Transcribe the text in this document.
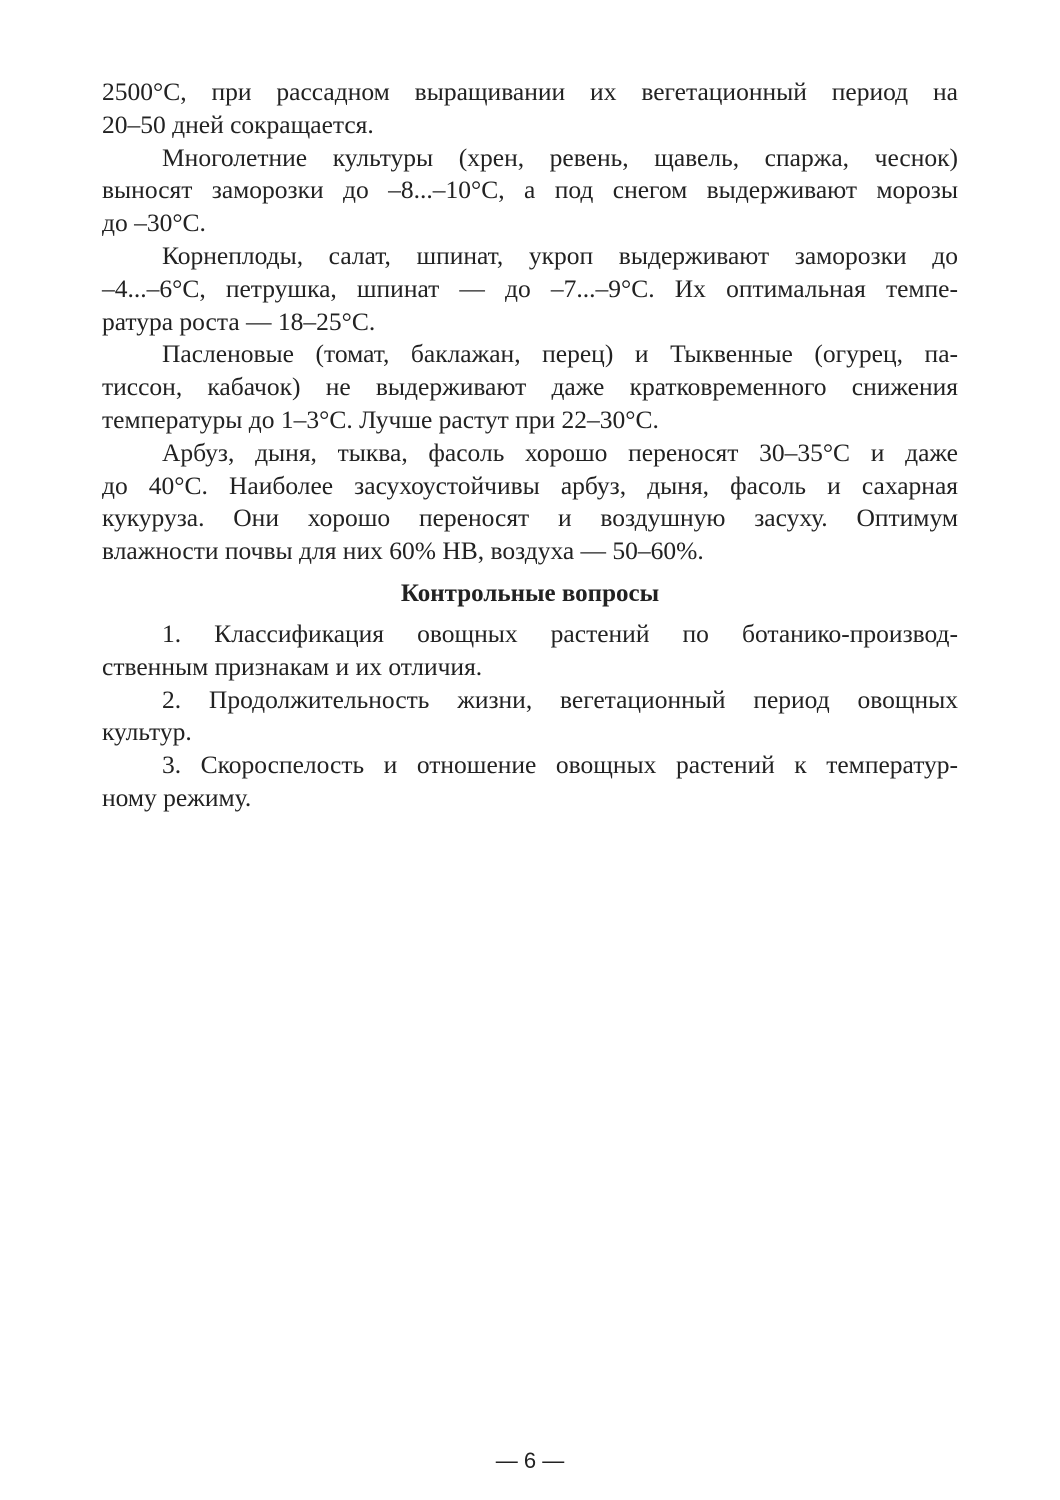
2500°С, при рассадном выращивании их вегетационный период на
20–50 дней сокращается.
Многолетние культуры (хрен, ревень, щавель, спаржа, чеснок)
выносят заморозки до –8...–10°С, а под снегом выдерживают морозы
до –30°С.
Корнеплоды, салат, шпинат, укроп выдерживают заморозки до
–4...–6°С, петрушка, шпинат — до –7...–9°С. Их оптимальная темпе-
ратура роста — 18–25°С.
Пасленовые (томат, баклажан, перец) и Тыквенные (огурец, па-
тиссон, кабачок) не выдерживают даже кратковременного снижения
температуры до 1–3°С. Лучше растут при 22–30°С.
Арбуз, дыня, тыква, фасоль хорошо переносят 30–35°С и даже
до 40°С. Наиболее засухоустойчивы арбуз, дыня, фасоль и сахарная
кукуруза. Они хорошо переносят и воздушную засуху. Оптимум
влажности почвы для них 60% НВ, воздуха — 50–60%.
Контрольные вопросы
1. Классификация овощных растений по ботанико-производ-
ственным признакам и их отличия.
2. Продолжительность жизни, вегетационный период овощных
культур.
3. Скороспелость и отношение овощных растений к температур-
ному режиму.
— 6 —
